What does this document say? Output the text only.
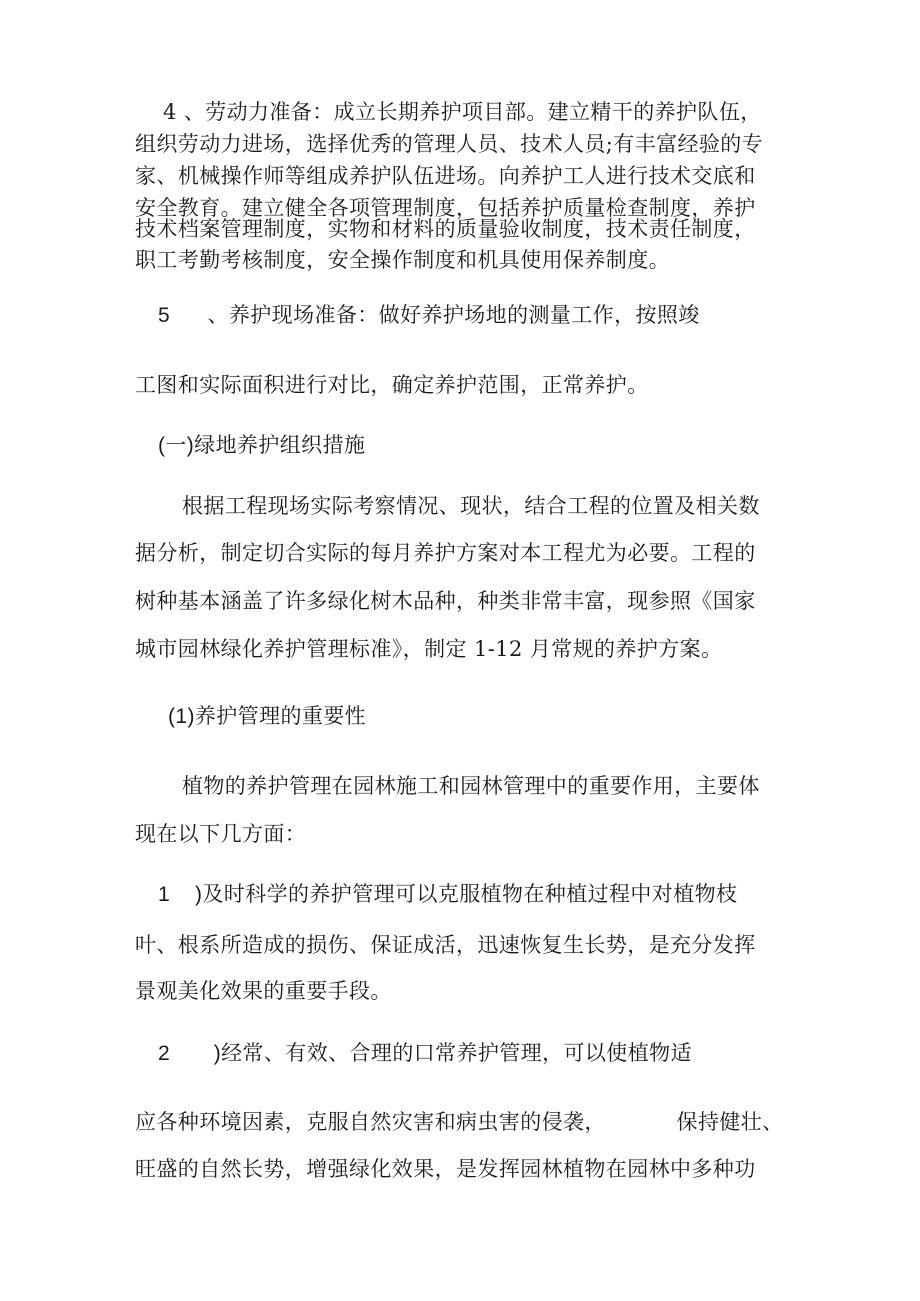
4 、劳动力准备：成立长期养护项目部。建立精干的养护队伍，
组织劳动力进场，选择优秀的管理人员、技术人员;有丰富经验的专
家、机械操作师等组成养护队伍进场。向养护工人进行技术交底和
安全教育。建立健全各项管理制度，包括养护质量检查制度，养护
技术档案管理制度，实物和材料的质量验收制度，技术责任制度，
职工考勤考核制度，安全操作制度和机具使用保养制度。
5      、养护现场准备：做好养护场地的测量工作，按照竣
工图和实际面积进行对比，确定养护范围，正常养护。
(一)绿地养护组织措施
根据工程现场实际考察情况、现状，结合工程的位置及相关数
据分析，制定切合实际的每月养护方案对本工程尤为必要。工程的
树种基本涵盖了许多绿化树木品种，种类非常丰富，现参照《国家
城市园林绿化养护管理标准》，制定 1-12 月常规的养护方案。
(1)养护管理的重要性
植物的养护管理在园林施工和园林管理中的重要作用，主要体
现在以下几方面：
1    )及时科学的养护管理可以克服植物在种植过程中对植物枝
叶、根系所造成的损伤、保证成活，迅速恢复生长势，是充分发挥
景观美化效果的重要手段。
2       )经常、有效、合理的口常养护管理，可以使植物适
应各种环境因素，克服自然灾害和病虫害的侵袭，          保持健壮、
旺盛的自然长势，增强绿化效果，是发挥园林植物在园林中多种功
